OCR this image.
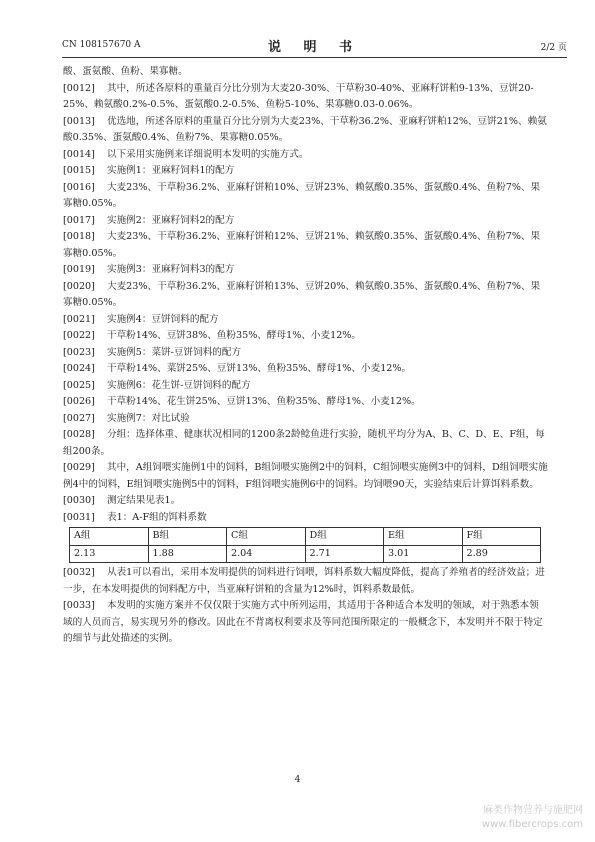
CN 108157670 A	说 明 书	2/2 页

酸、蛋氨酸、鱼粉、果寡糖。

[0012] 其中，所述各原料的重量百分比分别为大麦20-30%、干草粉30-40%、亚麻籽饼粕9-13%、豆饼20-25%、赖氨酸0.2%-0.5%、蛋氨酸0.2-0.5%、鱼粉5-10%、果寡糖0.03-0.06%。

[0013] 优选地，所述各原料的重量百分比分别为大麦23%、干草粉36.2%、亚麻籽饼粕12%、豆饼21%、赖氨酸0.35%、蛋氨酸0.4%、鱼粉7%、果寡糖0.05%。

[0014] 以下采用实施例来详细说明本发明的实施方式。

[0015] 实施例1：亚麻籽饲料1的配方

[0016] 大麦23%、干草粉36.2%、亚麻籽饼粕10%、豆饼23%、赖氨酸0.35%、蛋氨酸0.4%、鱼粉7%、果寡糖0.05%。

[0017] 实施例2：亚麻籽饲料2的配方

[0018] 大麦23%、干草粉36.2%、亚麻籽饼粕12%、豆饼21%、赖氨酸0.35%、蛋氨酸0.4%、鱼粉7%、果寡糖0.05%。

[0019] 实施例3：亚麻籽饲料3的配方

[0020] 大麦23%、干草粉36.2%、亚麻籽饼粕13%、豆饼20%、赖氨酸0.35%、蛋氨酸0.4%、鱼粉7%、果寡糖0.05%。

[0021] 实施例4：豆饼饲料的配方

[0022] 干草粉14%、豆饼38%、鱼粉35%、酵母1%、小麦12%。

[0023] 实施例5：菜饼-豆饼饲料的配方

[0024] 干草粉14%、菜饼25%、豆饼13%、鱼粉35%、酵母1%、小麦12%。

[0025] 实施例6：花生饼-豆饼饲料的配方

[0026] 干草粉14%、花生饼25%、豆饼13%、鱼粉35%、酵母1%、小麦12%。

[0027] 实施例7：对比试验

[0028] 分组：选择体重、健康状况相同的1200条2龄鲶鱼进行实验，随机平均分为A、B、C、D、E、F组，每组200条。

[0029] 其中，A组饲喂实施例1中的饲料，B组饲喂实施例2中的饲料，C组饲喂实施例3中的饲料，D组饲喂实施例4中的饲料，E组饲喂实施例5中的饲料，F组饲喂实施例6中的饲料。均饲喂90天，实验结束后计算饵料系数。

[0030] 测定结果见表1。

[0031] 表1：A-F组的饵料系数

A组	B组	C组	D组	E组	F组
2.13	1.88	2.04	2.71	3.01	2.89

[0032] 从表1可以看出，采用本发明提供的饲料进行饲喂，饵料系数大幅度降低，提高了养殖者的经济效益；进一步，在本发明提供的饲料配方中，当亚麻籽饼粕的含量为12%时，饵料系数最低。

[0033] 本发明的实施方案并不仅仅限于实施方式中所列运用，其适用于各种适合本发明的领域，对于熟悉本领域的人员而言，易实现另外的修改。因此在不背离权利要求及等同范围所限定的一般概念下，本发明并不限于特定的细节与此处描述的实例。

4
麻类作物营养与施肥网
www.fibercrops.com
